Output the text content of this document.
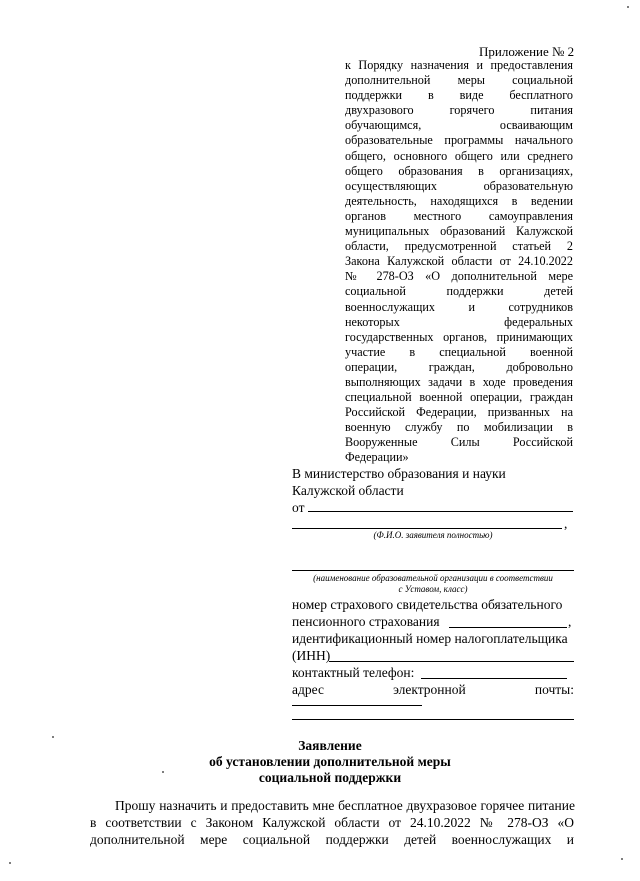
Приложение № 2

к Порядку назначения и предоставления

дополнительной меры социальной

поддержки в виде бесплатного

двухразового горячего питания

обучающимся, осваивающим

образовательные программы начального

общего, основного общего или среднего

общего образования в организациях,

осуществляющих образовательную

деятельность, находящихся в ведении

органов местного самоуправления

муниципальных образований Калужской

области, предусмотренной статьей 2

Закона Калужской области от 24.10.2022

№ 278-ОЗ «О дополнительной мере

социальной поддержки детей

военнослужащих и сотрудников

некоторых федеральных

государственных органов, принимающих

участие в специальной военной

операции, граждан, добровольно

выполняющих задачи в ходе проведения

специальной военной операции, граждан

Российской Федерации, призванных на

военную службу по мобилизации в

Вооруженные Силы Российской

Федерации»

В министерство образования и науки
Калужской области
от
,
(Ф.И.О. заявителя полностью)
(наименование образовательной организации в соответствии
с Уставом, класс)
номер страхового свидетельства обязательного
пенсионного страхования	,
идентификационный номер налогоплательщика
(ИНН)
контактный телефон:
адрес	электронной	почты:
Заявление
об установлении дополнительной меры
социальной поддержки
Прошу назначить и предоставить мне бесплатное двухразовое горячее питание
в соответствии с Законом Калужской области от 24.10.2022 № 278-ОЗ «О
дополнительной мере социальной поддержки детей военнослужащих и
